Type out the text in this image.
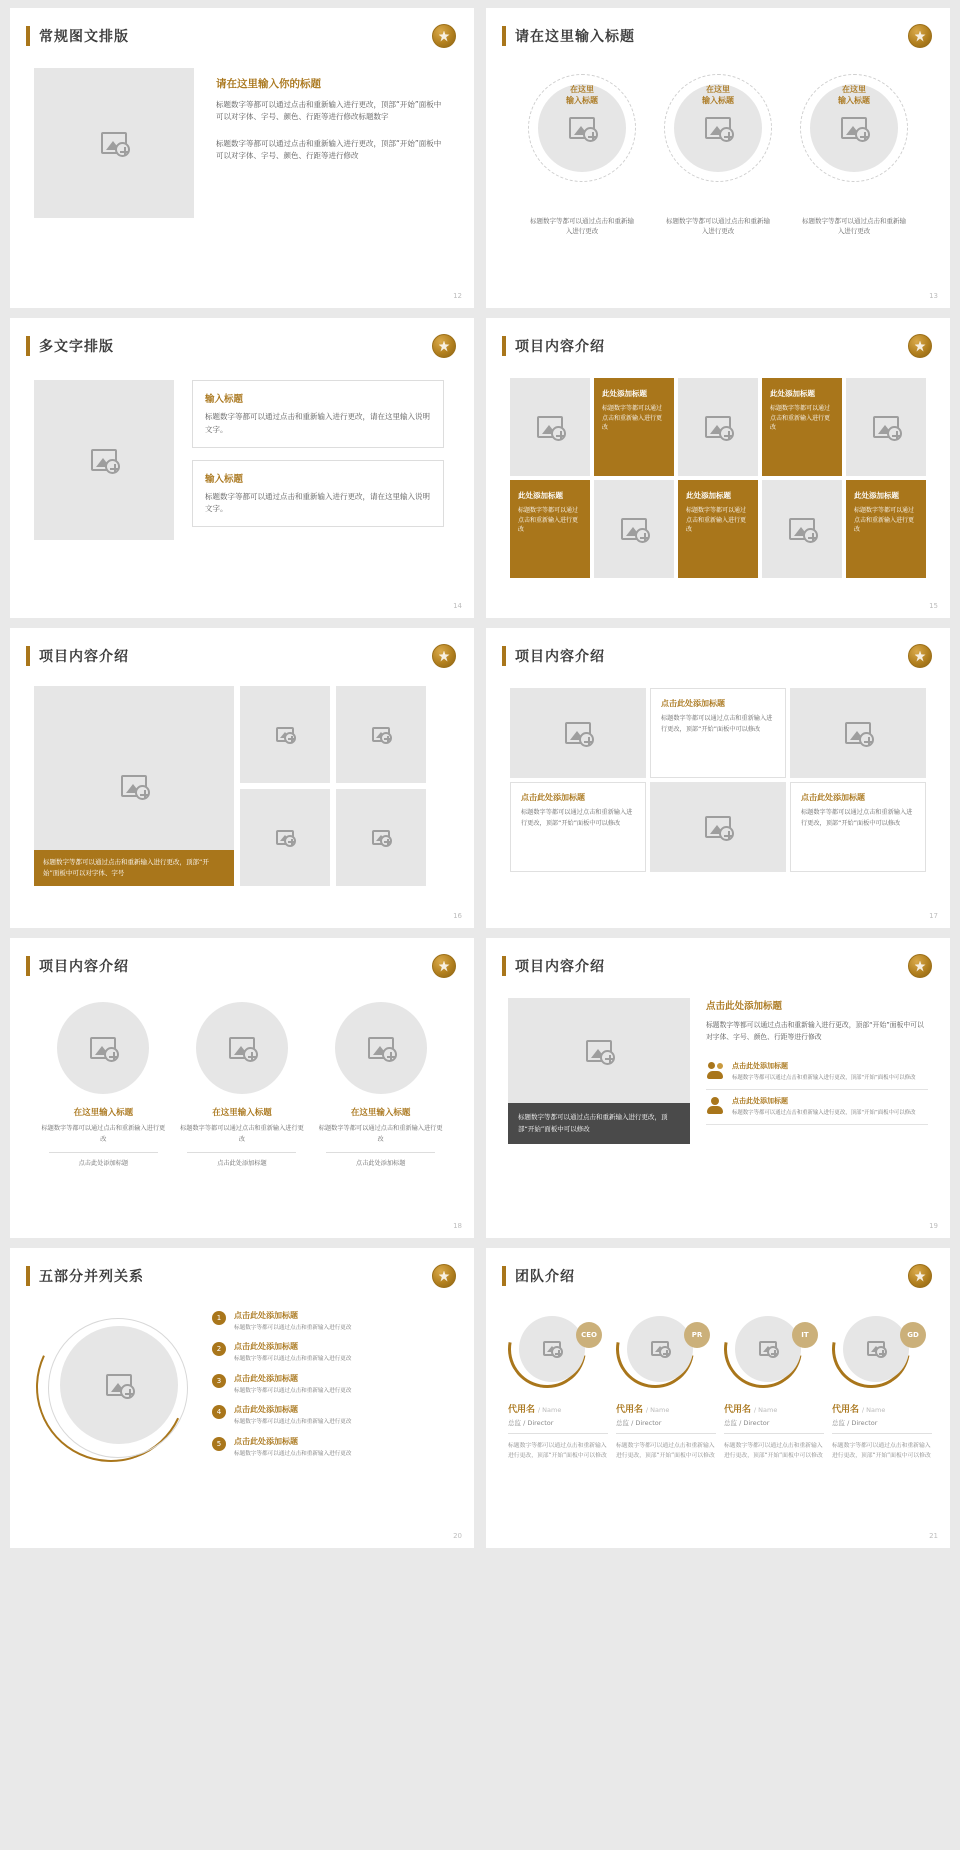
常规图文排版
请在这里输入你的标题

标题数字等都可以通过点击和重新输入进行更改，顶部“开始”面板中可以对字体、字号、颜色、行距等进行修改标题数字

标题数字等都可以通过点击和重新输入进行更改，顶部“开始”面板中可以对字体、字号、颜色、行距等进行修改

12
请在这里输入标题
在这里
输入标题
标题数字等都可以通过点击和重新输入进行更改
在这里
输入标题
标题数字等都可以通过点击和重新输入进行更改
在这里
输入标题
标题数字等都可以通过点击和重新输入进行更改
13
多文字排版
输入标题

标题数字等都可以通过点击和重新输入进行更改，请在这里输入说明文字。

输入标题

标题数字等都可以通过点击和重新输入进行更改，请在这里输入说明文字。

14
项目内容介绍
此处添加标题

标题数字等都可以通过点击和重新输入进行更改

此处添加标题

标题数字等都可以通过点击和重新输入进行更改

此处添加标题

标题数字等都可以通过点击和重新输入进行更改

此处添加标题

标题数字等都可以通过点击和重新输入进行更改

此处添加标题

标题数字等都可以通过点击和重新输入进行更改

15
项目内容介绍
标题数字等都可以通过点击和重新输入进行更改，顶部“开始”面板中可以对字体、字号
16
项目内容介绍
点击此处添加标题

标题数字等都可以通过点击和重新输入进行更改，顶部“开始”面板中可以修改

点击此处添加标题

标题数字等都可以通过点击和重新输入进行更改，顶部“开始”面板中可以修改

点击此处添加标题

标题数字等都可以通过点击和重新输入进行更改，顶部“开始”面板中可以修改

17
项目内容介绍
在这里输入标题

标题数字等都可以通过点击和重新输入进行更改

点击此处添加标题
在这里输入标题

标题数字等都可以通过点击和重新输入进行更改

点击此处添加标题
在这里输入标题

标题数字等都可以通过点击和重新输入进行更改

点击此处添加标题
18
项目内容介绍
标题数字等都可以通过点击和重新输入进行更改，顶部“开始”面板中可以修改
点击此处添加标题

标题数字等都可以通过点击和重新输入进行更改，顶部“开始”面板中可以对字体、字号、颜色、行距等进行修改

点击此处添加标题

标题数字等都可以通过点击和重新输入进行更改，顶部“开始”面板中可以修改

点击此处添加标题

标题数字等都可以通过点击和重新输入进行更改，顶部“开始”面板中可以修改

19
五部分并列关系
1	点击此处添加标题

标题数字等都可以通过点击和重新输入进行更改

2	点击此处添加标题

标题数字等都可以通过点击和重新输入进行更改

3	点击此处添加标题

标题数字等都可以通过点击和重新输入进行更改

4	点击此处添加标题

标题数字等都可以通过点击和重新输入进行更改

5	点击此处添加标题

标题数字等都可以通过点击和重新输入进行更改

20
团队介绍
CEO
代用名 / Name
总监 / Director
标题数字等都可以通过点击和重新输入进行更改，顶部“开始”面板中可以修改
PR
代用名 / Name
总监 / Director
标题数字等都可以通过点击和重新输入进行更改，顶部“开始”面板中可以修改
IT
代用名 / Name
总监 / Director
标题数字等都可以通过点击和重新输入进行更改，顶部“开始”面板中可以修改
GD
代用名 / Name
总监 / Director
标题数字等都可以通过点击和重新输入进行更改，顶部“开始”面板中可以修改
21
